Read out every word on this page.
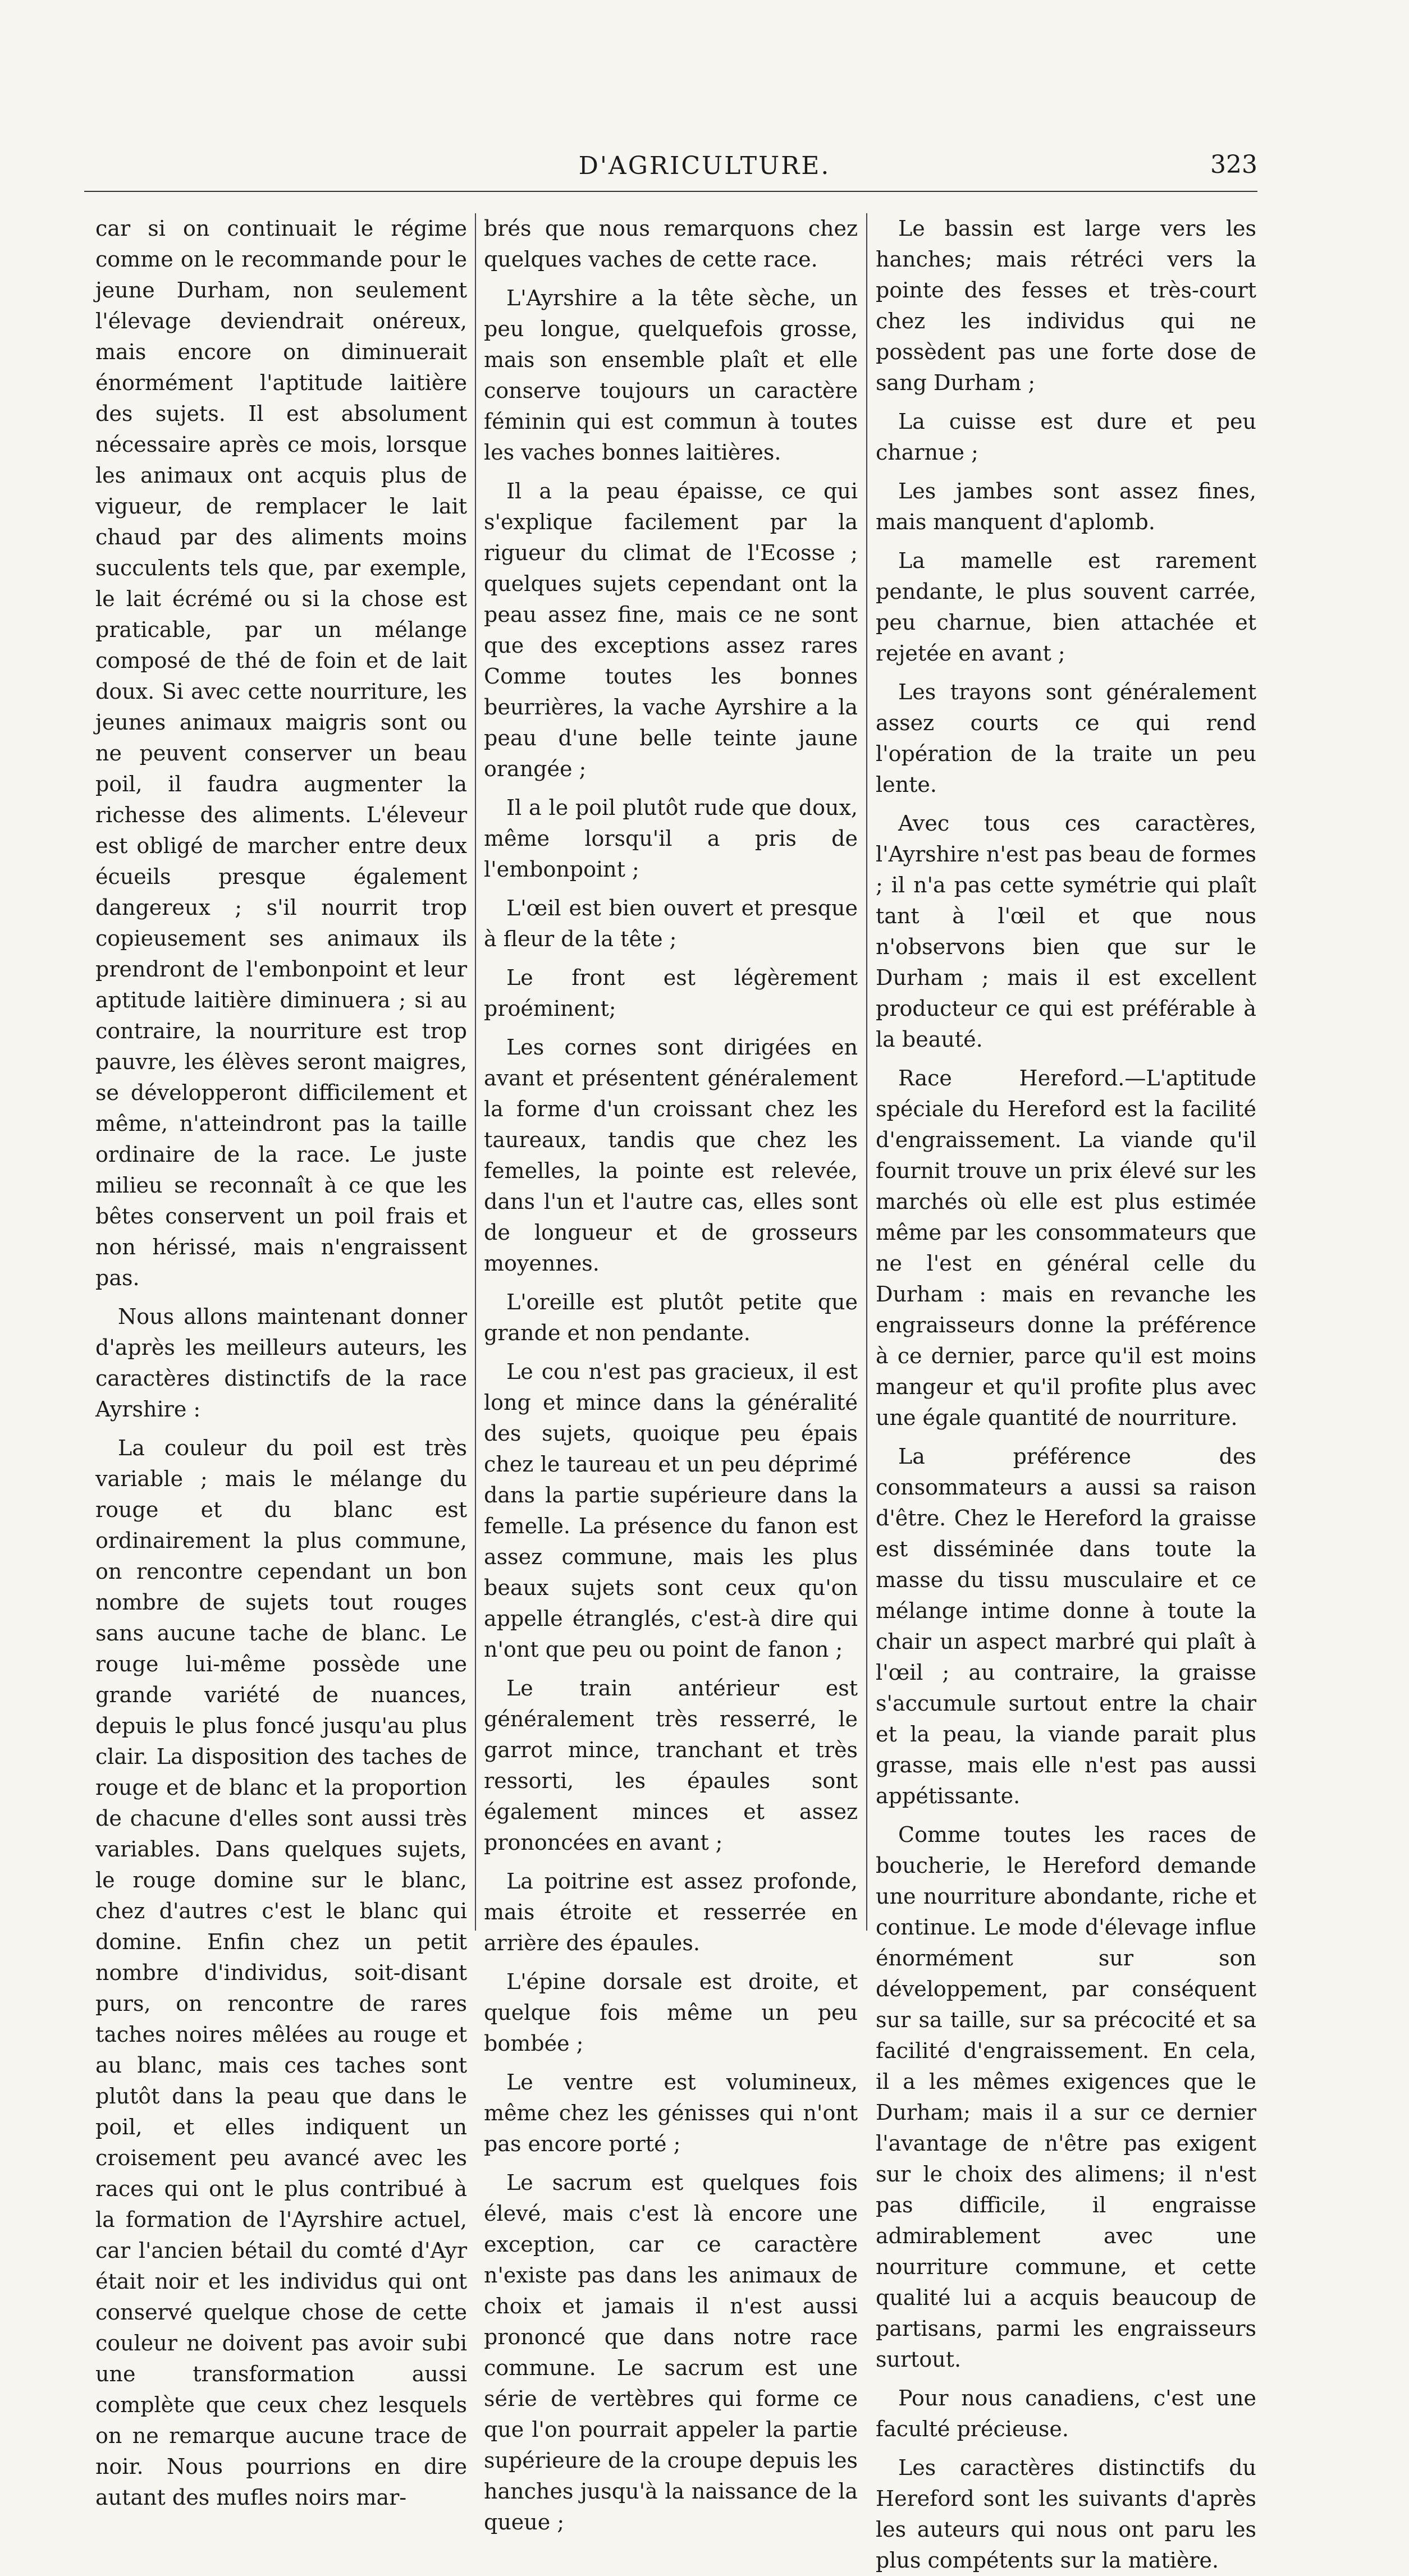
D'AGRICULTURE.	323

car si on continuait le régime comme on le recommande pour le jeune Durham, non seulement l'élevage deviendrait onéreux, mais encore on diminuerait énormément l'aptitude laitière des sujets. Il est absolument nécessaire après ce mois, lorsque les animaux ont acquis plus de vigueur, de remplacer le lait chaud par des aliments moins succulents tels que, par exemple, le lait écrémé ou si la chose est praticable, par un mélange composé de thé de foin et de lait doux. Si avec cette nourriture, les jeunes animaux maigris sont ou ne peuvent conserver un beau poil, il faudra augmenter la richesse des aliments. L'éleveur est obligé de marcher entre deux écueils presque également dangereux ; s'il nourrit trop copieusement ses animaux ils prendront de l'embonpoint et leur aptitude laitière diminuera ; si au contraire, la nourriture est trop pauvre, les élèves seront maigres, se développeront difficilement et même, n'atteindront pas la taille ordinaire de la race. Le juste milieu se reconnaît à ce que les bêtes conservent un poil frais et non hérissé, mais n'engraissent pas.

Nous allons maintenant donner d'après les meilleurs auteurs, les caractères distinctifs de la race Ayrshire :

La couleur du poil est très variable ; mais le mélange du rouge et du blanc est ordinairement la plus commune, on rencontre cependant un bon nombre de sujets tout rouges sans aucune tache de blanc. Le rouge lui-même possède une grande variété de nuances, depuis le plus foncé jusqu'au plus clair. La disposition des taches de rouge et de blanc et la proportion de chacune d'elles sont aussi très variables. Dans quelques sujets, le rouge domine sur le blanc, chez d'autres c'est le blanc qui domine. Enfin chez un petit nombre d'individus, soit-disant purs, on rencontre de rares taches noires mêlées au rouge et au blanc, mais ces taches sont plutôt dans la peau que dans le poil, et elles indiquent un croisement peu avancé avec les races qui ont le plus contribué à la formation de l'Ayrshire actuel, car l'ancien bétail du comté d'Ayr était noir et les individus qui ont conservé quelque chose de cette couleur ne doivent pas avoir subi une transformation aussi complète que ceux chez lesquels on ne remarque aucune trace de noir. Nous pourrions en dire autant des mufles noirs mar-

brés que nous remarquons chez quelques vaches de cette race.

L'Ayrshire a la tête sèche, un peu longue, quelquefois grosse, mais son ensemble plaît et elle conserve toujours un caractère féminin qui est commun à toutes les vaches bonnes laitières.

Il a la peau épaisse, ce qui s'explique facilement par la rigueur du climat de l'Ecosse ; quelques sujets cependant ont la peau assez fine, mais ce ne sont que des exceptions assez rares Comme toutes les bonnes beurrières, la vache Ayrshire a la peau d'une belle teinte jaune orangée ;

Il a le poil plutôt rude que doux, même lorsqu'il a pris de l'embonpoint ;

L'œil est bien ouvert et presque à fleur de la tête ;

Le front est légèrement proéminent;

Les cornes sont dirigées en avant et présentent généralement la forme d'un croissant chez les taureaux, tandis que chez les femelles, la pointe est relevée, dans l'un et l'autre cas, elles sont de longueur et de grosseurs moyennes.

L'oreille est plutôt petite que grande et non pendante.

Le cou n'est pas gracieux, il est long et mince dans la généralité des sujets, quoique peu épais chez le taureau et un peu déprimé dans la partie supérieure dans la femelle. La présence du fanon est assez commune, mais les plus beaux sujets sont ceux qu'on appelle étranglés, c'est-à dire qui n'ont que peu ou point de fanon ;

Le train antérieur est généralement très resserré, le garrot mince, tranchant et très ressorti, les épaules sont également minces et assez prononcées en avant ;

La poitrine est assez profonde, mais étroite et resserrée en arrière des épaules.

L'épine dorsale est droite, et quelque fois même un peu bombée ;

Le ventre est volumineux, même chez les génisses qui n'ont pas encore porté ;

Le sacrum est quelques fois élevé, mais c'est là encore une exception, car ce caractère n'existe pas dans les animaux de choix et jamais il n'est aussi prononcé que dans notre race commune. Le sacrum est une série de vertèbres qui forme ce que l'on pourrait appeler la partie supérieure de la croupe depuis les hanches jusqu'à la naissance de la queue ;

Le bassin est large vers les hanches; mais rétréci vers la pointe des fesses et très-court chez les individus qui ne possèdent pas une forte dose de sang Durham ;

La cuisse est dure et peu charnue ;

Les jambes sont assez fines, mais manquent d'aplomb.

La mamelle est rarement pendante, le plus souvent carrée, peu charnue, bien attachée et rejetée en avant ;

Les trayons sont généralement assez courts ce qui rend l'opération de la traite un peu lente.

Avec tous ces caractères, l'Ayrshire n'est pas beau de formes ; il n'a pas cette symétrie qui plaît tant à l'œil et que nous n'observons bien que sur le Durham ; mais il est excellent producteur ce qui est préférable à la beauté.

Race Hereford.—L'aptitude spéciale du Hereford est la facilité d'engraissement. La viande qu'il fournit trouve un prix élevé sur les marchés où elle est plus estimée même par les consommateurs que ne l'est en général celle du Durham : mais en revanche les engraisseurs donne la préférence à ce dernier, parce qu'il est moins mangeur et qu'il profite plus avec une égale quantité de nourriture.

La préférence des consommateurs a aussi sa raison d'être. Chez le Hereford la graisse est disséminée dans toute la masse du tissu musculaire et ce mélange intime donne à toute la chair un aspect marbré qui plaît à l'œil ; au contraire, la graisse s'accumule surtout entre la chair et la peau, la viande parait plus grasse, mais elle n'est pas aussi appétissante.

Comme toutes les races de boucherie, le Hereford demande une nourriture abondante, riche et continue. Le mode d'élevage influe énormément sur son développement, par conséquent sur sa taille, sur sa précocité et sa facilité d'engraissement. En cela, il a les mêmes exigences que le Durham; mais il a sur ce dernier l'avantage de n'être pas exigent sur le choix des alimens; il n'est pas difficile, il engraisse admirablement avec une nourriture commune, et cette qualité lui a acquis beaucoup de partisans, parmi les engraisseurs surtout.

Pour nous canadiens, c'est une faculté précieuse.

Les caractères distinctifs du Hereford sont les suivants d'après les auteurs qui nous ont paru les plus compétents sur la matière.
